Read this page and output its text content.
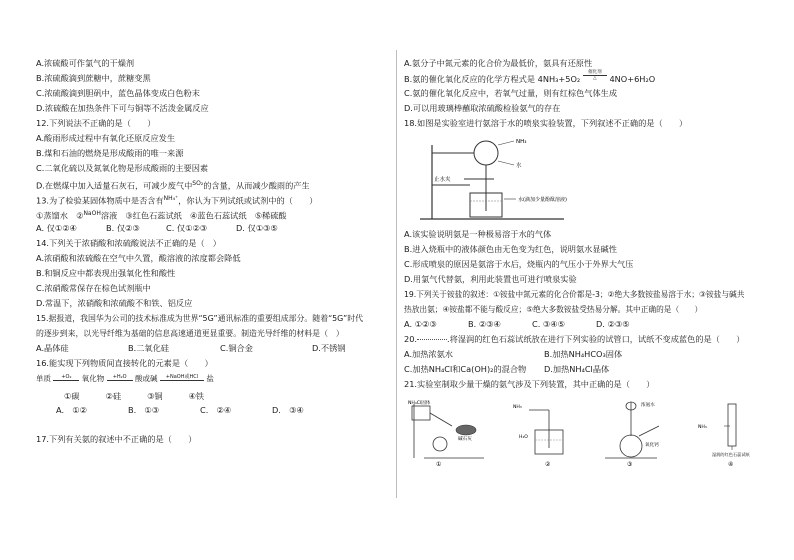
A.浓硫酸可作氯气的干燥剂
B.浓硫酸滴到蔗糖中，蔗糖变黑
C.浓硫酸滴到胆矾中，蓝色晶体变成白色粉末
D.浓硫酸在加热条件下可与铜等不活泼金属反应
12.下列说法不正确的是（　　）
A.酸雨形成过程中有氧化还原反应发生
B.煤和石油的燃烧是形成酸雨的唯一来源
C.二氧化硫以及氮氧化物是形成酸雨的主要因素
D.在燃煤中加入适量石灰石，可减少废气中$^{SO_2}$的含量，从而减少酸雨的产生
13.为了检验某固体物质中是否含有$^{NH_4^+}$，你认为下列试纸或试剂中的（　　）
①蒸馏水　②$^{NaOH}$溶液　③红色石蕊试纸　④蓝色石蕊试纸　⑤稀硫酸
A. 仅①②④	B. 仅②③	C. 仅①②③	D. 仅①③⑤
14.下列关于浓硝酸和浓硫酸说法不正确的是（　）
A.浓硝酸和浓硫酸在空气中久置，酸溶液的浓度都会降低
B.和铜反应中都表现出强氧化性和酸性
C.浓硝酸常保存在棕色试剂瓶中
D.常温下，浓硝酸和浓硫酸不和铁、铝反应
15.据报道，我国华为公司的技术标准成为世界“5G”通讯标准的重要组成部分。随着“5G”时代
的逐步到来，以光导纤维为基础的信息高速通道更显重要。制造光导纤维的材料是（　）
A.晶体硅	B.二氧化硅	C.铜合金	D.不锈钢
16.能实现下列物质间直接转化的元素是（　　）
单质	+O₂	氧化物	+H₂O	酸或碱	+NaOH或HCl	盐
①碳	②硅	③铜	④铁
A.　①②	B.　①③	C.　②④	D.　③④
17.下列有关氨的叙述中不正确的是（　　）
A.氨分子中氮元素的化合价为最低价，氨具有还原性
B.氨的催化氧化反应的化学方程式是 4NH₃+5O₂
催化剂
△	4NO+6H₂O
C.氨的催化氧化反应中，若氧气过量，则有红棕色气体生成
D.可以用玻璃棒蘸取浓硫酸检验氨气的存在
18.如图是实验室进行氨溶于水的喷泉实验装置，下列叙述不正确的是（　　）
NH₃
水
止水夹
水(滴加少量酚酞溶液)
A.该实验说明氨是一种极易溶于水的气体
B.进入烧瓶中的液体颜色由无色变为红色，说明氨水显碱性
C.形成喷泉的原因是氨溶于水后，烧瓶内的气压小于外界大气压
D.用氯气代替氨，利用此装置也可进行喷泉实验
19.下列关于铵盐的叙述：①铵盐中氮元素的化合价都是-3；②绝大多数铵盐易溶于水；③铵盐与碱共
热放出氨；④铵盐都不能与酸反应；⑤绝大多数铵盐受热易分解。其中正确的是（　　）
A. ①②③	B. ②③④	C. ③④⑤	D. ②③⑤
20.	.将湿润的红色石蕊试纸放在进行下列实验的试管口，试纸不变成蓝色的是（　　）
A.加热浓氨水	B.加热NH₄HCO₃固体
C.加热NH₄Cl和Ca(OH)₂的混合物	D.加热NH₄Cl晶体
21.实验室制取少量干燥的氨气涉及下列装置，其中正确的是（　　）
NH₄Cl固体
碱石灰
①
NH₃
H₂O
②
浓氨水
氧化钙
③
NH₃
湿润的红色石蕊试纸
④
